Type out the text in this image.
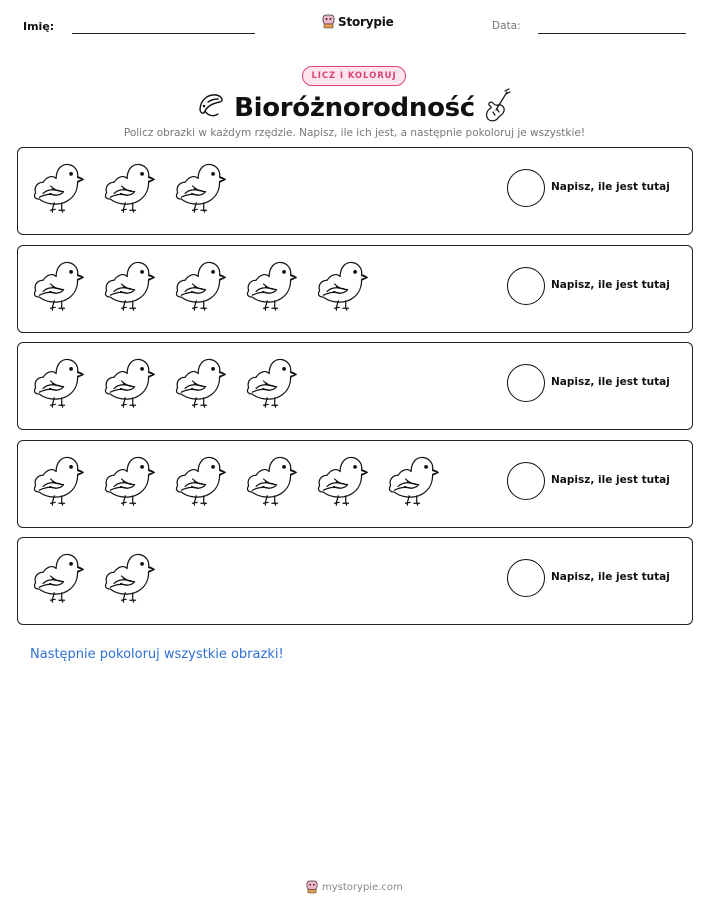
Imię:	Storypie	Data:
LICZ I KOLORUJ
Bioróżnorodność
Policz obrazki w każdym rzędzie. Napisz, ile ich jest, a następnie pokoloruj je wszystkie!
Napisz, ile jest tutaj
Napisz, ile jest tutaj
Napisz, ile jest tutaj
Napisz, ile jest tutaj
Napisz, ile jest tutaj
Następnie pokoloruj wszystkie obrazki!
mystorypie.com
